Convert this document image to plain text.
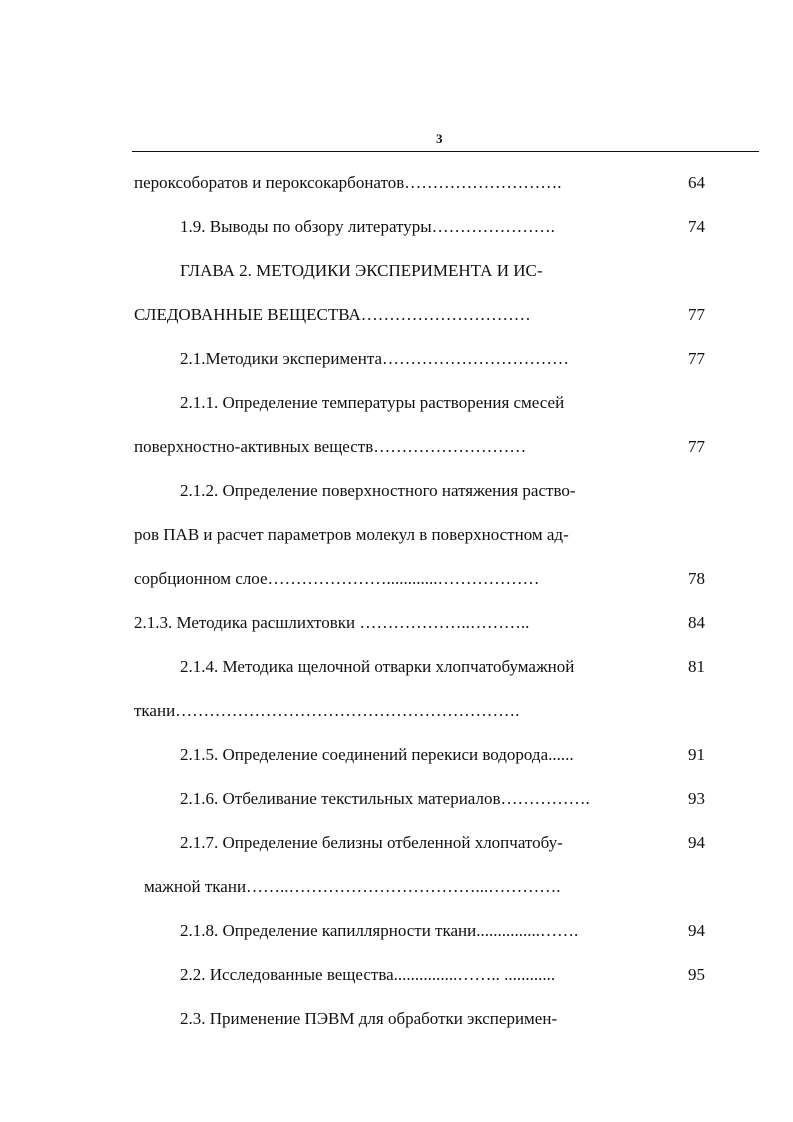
3
пероксоборатов и пероксокарбонатов……………………….	64
1.9. Выводы по обзору литературы………………….	74
ГЛАВА 2. МЕТОДИКИ ЭКСПЕРИМЕНТА И ИС-
СЛЕДОВАННЫЕ ВЕЩЕСТВА…………………………	77
2.1.Методики эксперимента……………………………	77
2.1.1. Определение температуры растворения смесей
поверхностно-активных веществ………………………	77
2.1.2. Определение поверхностного натяжения раство-
ров ПАВ и расчет параметров молекул в поверхностном ад-
сорбционном слое…………………............………………	78
2.1.3. Методика расшлихтовки ………………..………..	84
2.1.4. Методика щелочной отварки хлопчатобумажной	81
ткани…………………………………………………….
2.1.5. Определение соединений перекиси водорода......	91
2.1.6. Отбеливание текстильных материалов…………….	93
2.1.7. Определение белизны отбеленной хлопчатобу-	94
мажной ткани……..……………………………...………….
2.1.8. Определение капиллярности ткани...............…….	94
2.2. Исследованные вещества...............…….. ............	95
2.3. Применение ПЭВМ для обработки эксперимен-
